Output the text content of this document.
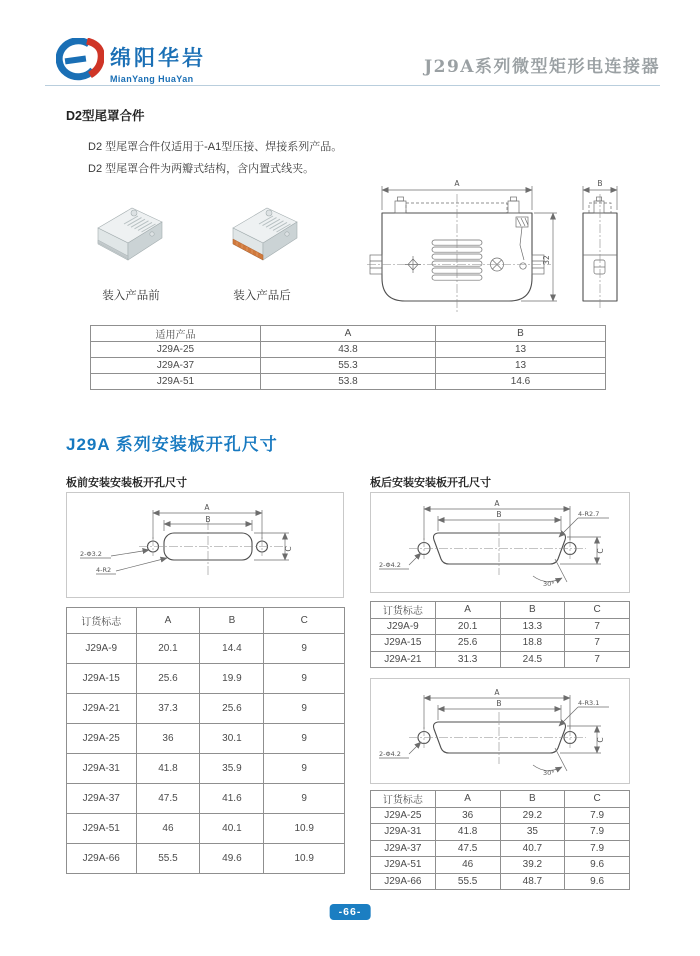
绵阳华岩
MianYang HuaYan
J29A系列微型矩形电连接器
D2型尾罩合件
D2 型尾罩合件仅适用于-A1型压接、焊接系列产品。
D2 型尾罩合件为两瓣式结构，含内置式线夹。
装入产品前	装入产品后
A
32
B
适用产品	A	B
J29A-25	43.8	13
J29A-37	55.3	13
J29A-51	53.8	14.6
J29A 系列安装板开孔尺寸
板前安装安装板开孔尺寸	板后安装安装板开孔尺寸
A
B
C
2-Φ3.2
4-R2
订货标志	A	B	C
J29A-9	20.1	14.4	9
J29A-15	25.6	19.9	9
J29A-21	37.3	25.6	9
J29A-25	36	30.1	9
J29A-31	41.8	35.9	9
J29A-37	47.5	41.6	9
J29A-51	46	40.1	10.9
J29A-66	55.5	49.6	10.9
A
B
C
4-R2.7
2-Φ4.2
30°
订货标志	A	B	C
J29A-9	20.1	13.3	7
J29A-15	25.6	18.8	7
J29A-21	31.3	24.5	7
A
B
C
4-R3.1
2-Φ4.2
30°
订货标志	A	B	C
J29A-25	36	29.2	7.9
J29A-31	41.8	35	7.9
J29A-37	47.5	40.7	7.9
J29A-51	46	39.2	9.6
J29A-66	55.5	48.7	9.6
-66-
